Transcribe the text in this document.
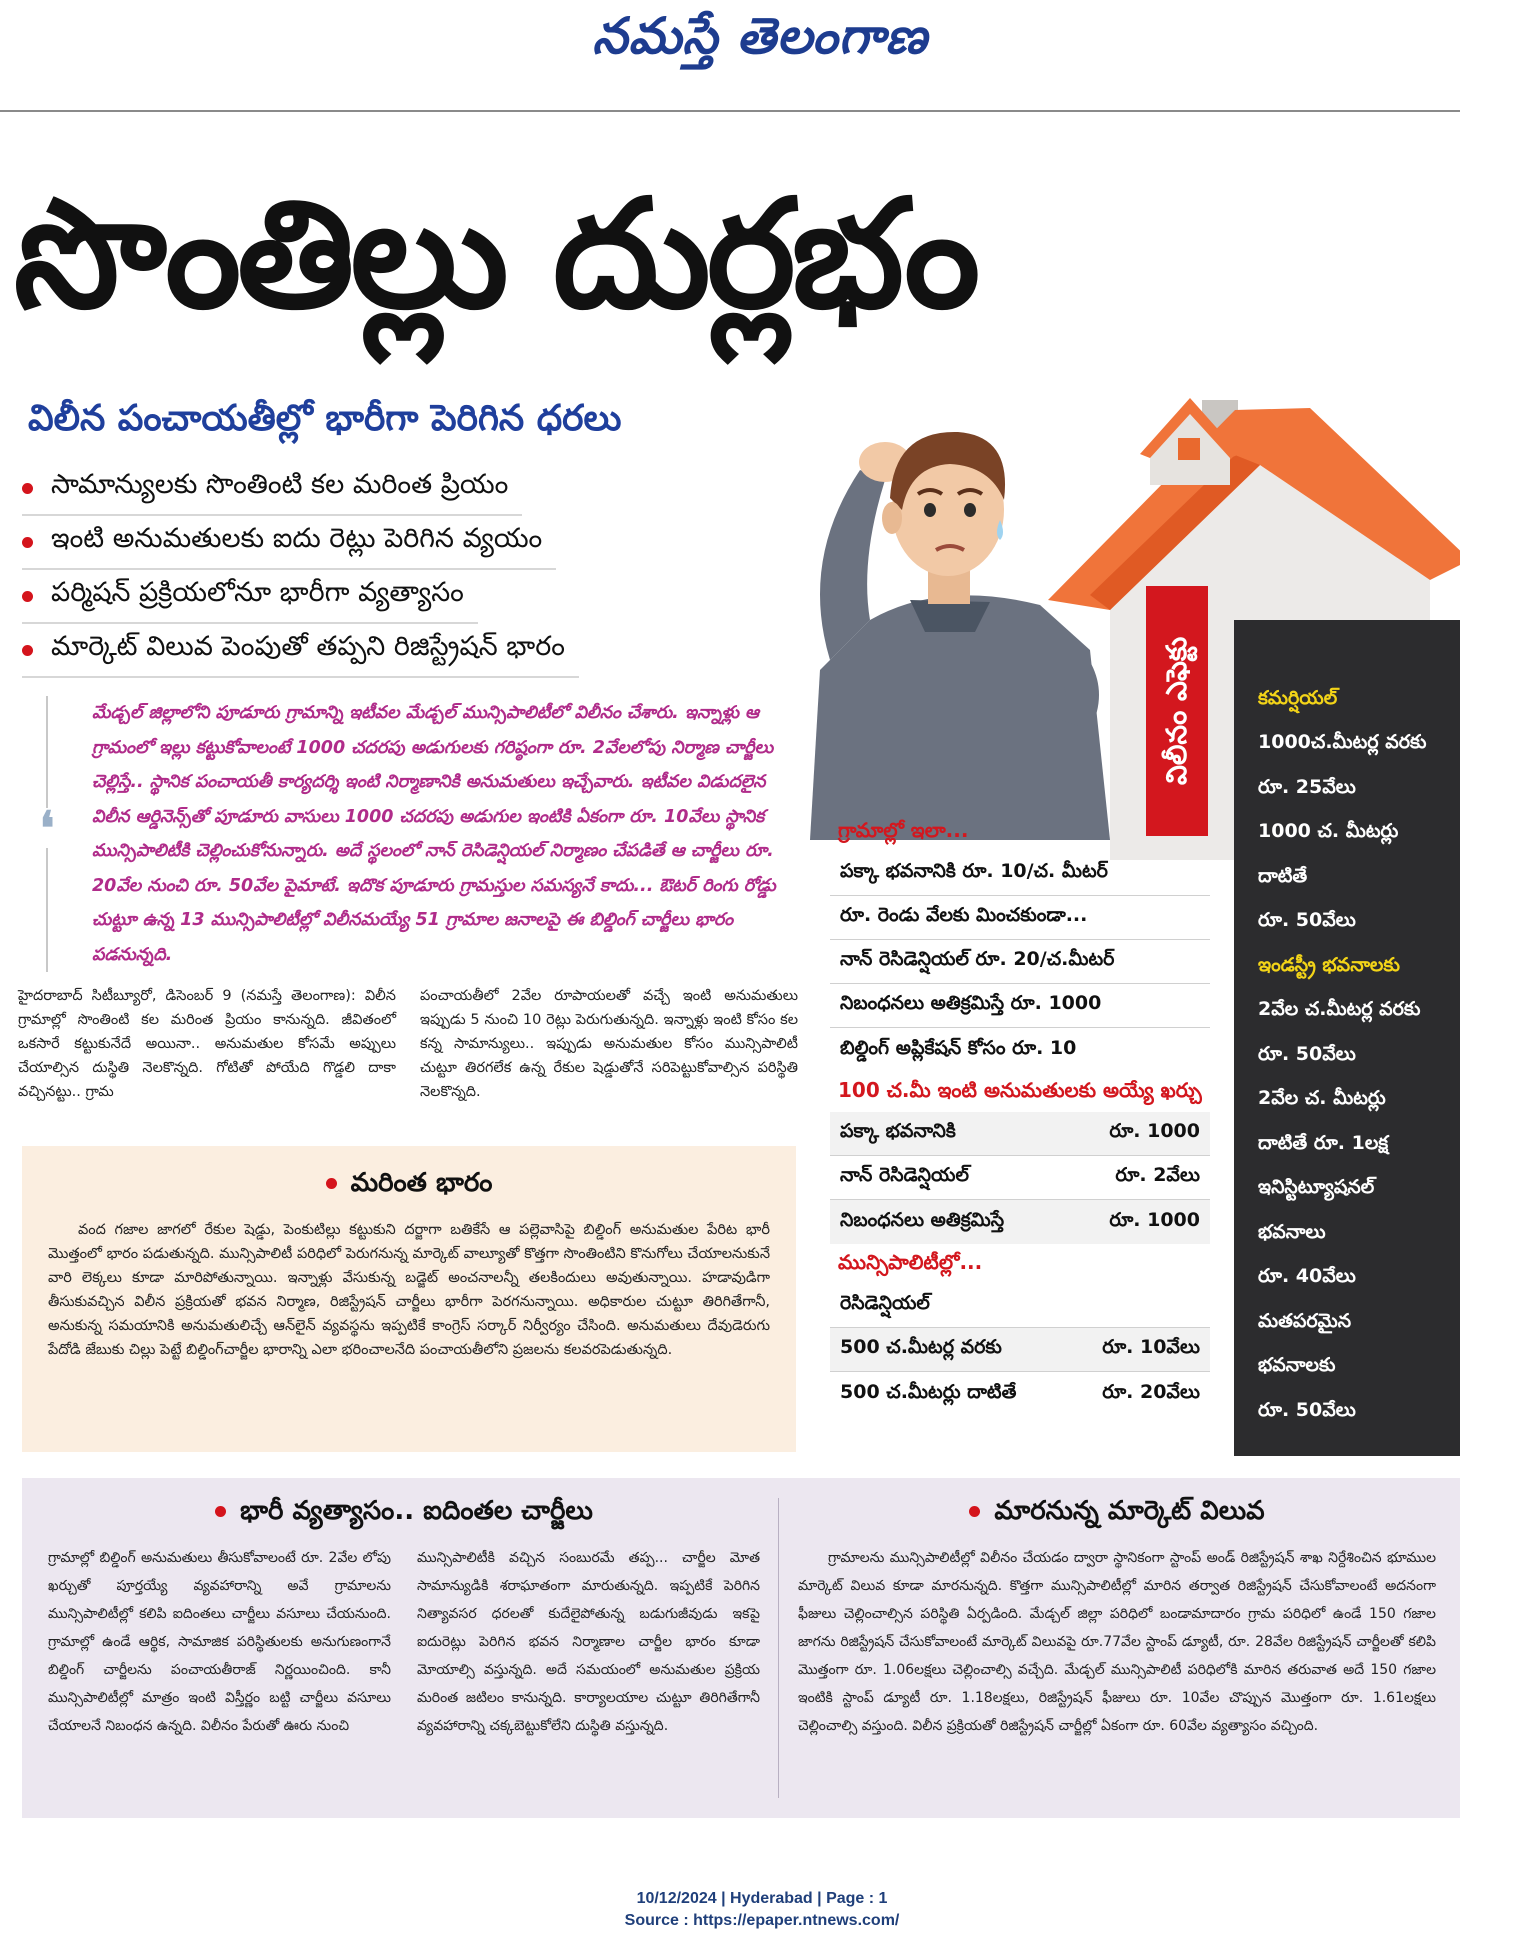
నమస్తే తెలంగాణ
సొంతిల్లు దుర్లభం
విలీన పంచాయతీల్లో భారీగా పెరిగిన ధరలు
సామాన్యులకు సొంతింటి కల మరింత ప్రియం
ఇంటి అనుమతులకు ఐదు రెట్లు పెరిగిన వ్యయం
పర్మిషన్ ప్రక్రియలోనూ భారీగా వ్యత్యాసం
మార్కెట్ విలువ పెంపుతో తప్పని రిజిస్ట్రేషన్ భారం
❛
మేడ్చల్ జిల్లాలోని పూడూరు గ్రామాన్ని ఇటీవల మేడ్చల్ మున్సిపాలిటీలో విలీనం చేశారు. ఇన్నాళ్లు ఆ గ్రామంలో ఇల్లు కట్టుకోవాలంటే 1000 చదరపు అడుగులకు గరిష్ఠంగా రూ. 2వేలలోపు నిర్మాణ చార్జీలు చెల్లిస్తే.. స్థానిక పంచాయతీ కార్యదర్శి ఇంటి నిర్మాణానికి అనుమతులు ఇచ్చేవారు. ఇటీవల విడుదలైన విలీన ఆర్డినెన్స్‌తో పూడూరు వాసులు 1000 చదరపు అడుగుల ఇంటికి ఏకంగా రూ. 10వేలు స్థానిక మున్సిపాలిటీకి చెల్లించుకోనున్నారు. అదే స్థలంలో నాన్ రెసిడెన్షియల్ నిర్మాణం చేపడితే ఆ చార్జీలు రూ. 20వేల నుంచి రూ. 50వేల పైమాటే. ఇదొక పూడూరు గ్రామస్తుల సమస్యనే కాదు... ఔటర్ రింగు రోడ్డు చుట్టూ ఉన్న 13 మున్సిపాలిటీల్లో విలీనమయ్యే 51 గ్రామాల జనాలపై ఈ బిల్డింగ్ చార్జీలు భారం పడనున్నది.
హైదరాబాద్ సిటీబ్యూరో, డిసెంబర్ 9 (నమస్తే తెలంగాణ): విలీన గ్రామాల్లో సొంతింటి కల మరింత ప్రియం కానున్నది. జీవితంలో ఒకసారే కట్టుకునేదే అయినా.. అనుమతుల కోసమే అప్పులు చేయాల్సిన దుస్థితి నెలకొన్నది. గోటితో పోయేది గొడ్డలి దాకా వచ్చినట్టు.. గ్రామ
పంచాయతీలో 2వేల రూపాయలతో వచ్చే ఇంటి అనుమతులు ఇప్పుడు 5 నుంచి 10 రెట్లు పెరుగుతున్నది. ఇన్నాళ్లు ఇంటి కోసం కల కన్న సామాన్యులు.. ఇప్పుడు అనుమతుల కోసం మున్సిపాలిటీ చుట్టూ తిరగలేక ఉన్న రేకుల షెడ్డుతోనే సరిపెట్టుకోవాల్సిన పరిస్థితి నెలకొన్నది.
మరింత భారం
వంద గజాల జాగలో రేకుల షెడ్డు, పెంకుటిల్లు కట్టుకుని దర్జాగా బతికేసే ఆ పల్లెవాసిపై బిల్డింగ్ అనుమతుల పేరిట భారీ మొత్తంలో భారం పడుతున్నది. మున్సిపాలిటీ పరిధిలో పెరుగనున్న మార్కెట్ వాల్యూతో కొత్తగా సొంతింటిని కొనుగోలు చేయాలనుకునే వారి లెక్కలు కూడా మారిపోతున్నాయి. ఇన్నాళ్లు వేసుకున్న బడ్జెట్ అంచనాలన్నీ తలకిందులు అవుతున్నాయి. హడావుడిగా తీసుకువచ్చిన విలీన ప్రక్రియతో భవన నిర్మాణ, రిజిస్ట్రేషన్ చార్జీలు భారీగా పెరగనున్నాయి. అధికారుల చుట్టూ తిరిగితేగానీ, అనుకున్న సమయానికి అనుమతులిచ్చే ఆన్‌లైన్ వ్యవస్థను ఇప్పటికే కాంగ్రెస్ సర్కార్ నిర్వీర్యం చేసింది. అనుమతులు దేవుడెరుగు పేదోడి జేబుకు చిల్లు పెట్టే బిల్డింగ్‌చార్జీల భారాన్ని ఎలా భరించాలనేది పంచాయతీలోని ప్రజలను కలవరపెడుతున్నది.
విలీనం ఎఫెక్టు	కమర్షియల్
1000చ.మీటర్ల వరకు
రూ. 25వేలు
1000 చ. మీటర్లు
దాటితే
రూ. 50వేలు
ఇండస్ట్రీ భవనాలకు
2వేల చ.మీటర్ల వరకు
రూ. 50వేలు
2వేల చ. మీటర్లు
దాటితే రూ. 1లక్ష
ఇనిస్టిట్యూషనల్
భవనాలు
రూ. 40వేలు
మతపరమైన
భవనాలకు
రూ. 50వేలు
గ్రామాల్లో ఇలా...
పక్కా భవనానికి రూ. 10/చ. మీటర్
రూ. రెండు వేలకు మించకుండా...
నాన్ రెసిడెన్షియల్ రూ. 20/చ.మీటర్
నిబంధనలు అతిక్రమిస్తే రూ. 1000
బిల్డింగ్ అప్లికేషన్ కోసం రూ. 10
100 చ.మీ ఇంటి అనుమతులకు అయ్యే ఖర్చు
పక్కా భవనానికి	రూ. 1000
నాన్ రెసిడెన్షియల్	రూ. 2వేలు
నిబంధనలు అతిక్రమిస్తే	రూ. 1000
మున్సిపాలిటీల్లో...
రెసిడెన్షియల్
500 చ.మీటర్ల వరకు	రూ. 10వేలు
500 చ.మీటర్లు దాటితే	రూ. 20వేలు
భారీ వ్యత్యాసం.. ఐదింతల చార్జీలు
గ్రామాల్లో బిల్డింగ్ అనుమతులు తీసుకోవాలంటే రూ. 2వేల లోపు ఖర్చుతో పూర్తయ్యే వ్యవహారాన్ని అవే గ్రామాలను మున్సిపాలిటీల్లో కలిపి ఐదింతలు చార్జీలు వసూలు చేయనుంది. గ్రామాల్లో ఉండే ఆర్థిక, సామాజిక పరిస్థితులకు అనుగుణంగానే బిల్డింగ్ చార్జీలను పంచాయతీరాజ్ నిర్ణయించింది. కానీ మున్సిపాలిటీల్లో మాత్రం ఇంటి విస్తీర్ణం బట్టి చార్జీలు వసూలు చేయాలనే నిబంధన ఉన్నది. విలీనం పేరుతో ఊరు నుంచి
మున్సిపాలిటీకి వచ్చిన సంబురమే తప్ప... చార్జీల మోత సామాన్యుడికి శరాఘాతంగా మారుతున్నది. ఇప్పటికే పెరిగిన నిత్యావసర ధరలతో కుదేలైపోతున్న బడుగుజీవుడు ఇకపై ఐదురెట్లు పెరిగిన భవన నిర్మాణాల చార్జీల భారం కూడా మోయాల్సి వస్తున్నది. అదే సమయంలో అనుమతుల ప్రక్రియ మరింత జటిలం కానున్నది. కార్యాలయాల చుట్టూ తిరిగితేగానీ వ్యవహారాన్ని చక్కబెట్టుకోలేని దుస్థితి వస్తున్నది.
మారనున్న మార్కెట్ విలువ
గ్రామాలను మున్సిపాలిటీల్లో విలీనం చేయడం ద్వారా స్థానికంగా స్టాంప్ అండ్ రిజిస్ట్రేషన్ శాఖ నిర్దేశించిన భూముల మార్కెట్ విలువ కూడా మారనున్నది. కొత్తగా మున్సిపాలిటీల్లో మారిన తర్వాత రిజిస్ట్రేషన్ చేసుకోవాలంటే అదనంగా ఫీజులు చెల్లించాల్సిన పరిస్థితి ఏర్పడింది. మేడ్చల్ జిల్లా పరిధిలో బండామాదారం గ్రామ పరిధిలో ఉండే 150 గజాల జాగను రిజిస్ట్రేషన్ చేసుకోవాలంటే మార్కెట్ విలువపై రూ.77వేల స్టాంప్ డ్యూటీ, రూ. 28వేల రిజిస్ట్రేషన్ చార్జీలతో కలిపి మొత్తంగా రూ. 1.06లక్షలు చెల్లించాల్సి వచ్చేది. మేడ్చల్ మున్సిపాలిటీ పరిధిలోకి మారిన తరువాత అదే 150 గజాల ఇంటికి స్టాంప్ డ్యూటీ రూ. 1.18లక్షలు, రిజిస్ట్రేషన్ ఫీజులు రూ. 10వేల చొప్పున మొత్తంగా రూ. 1.61లక్షలు చెల్లించాల్సి వస్తుంది. విలీన ప్రక్రియతో రిజిస్ట్రేషన్ చార్జీల్లో ఏకంగా రూ. 60వేల వ్యత్యాసం వచ్చింది.
10/12/2024 | Hyderabad | Page : 1
Source : https://epaper.ntnews.com/
